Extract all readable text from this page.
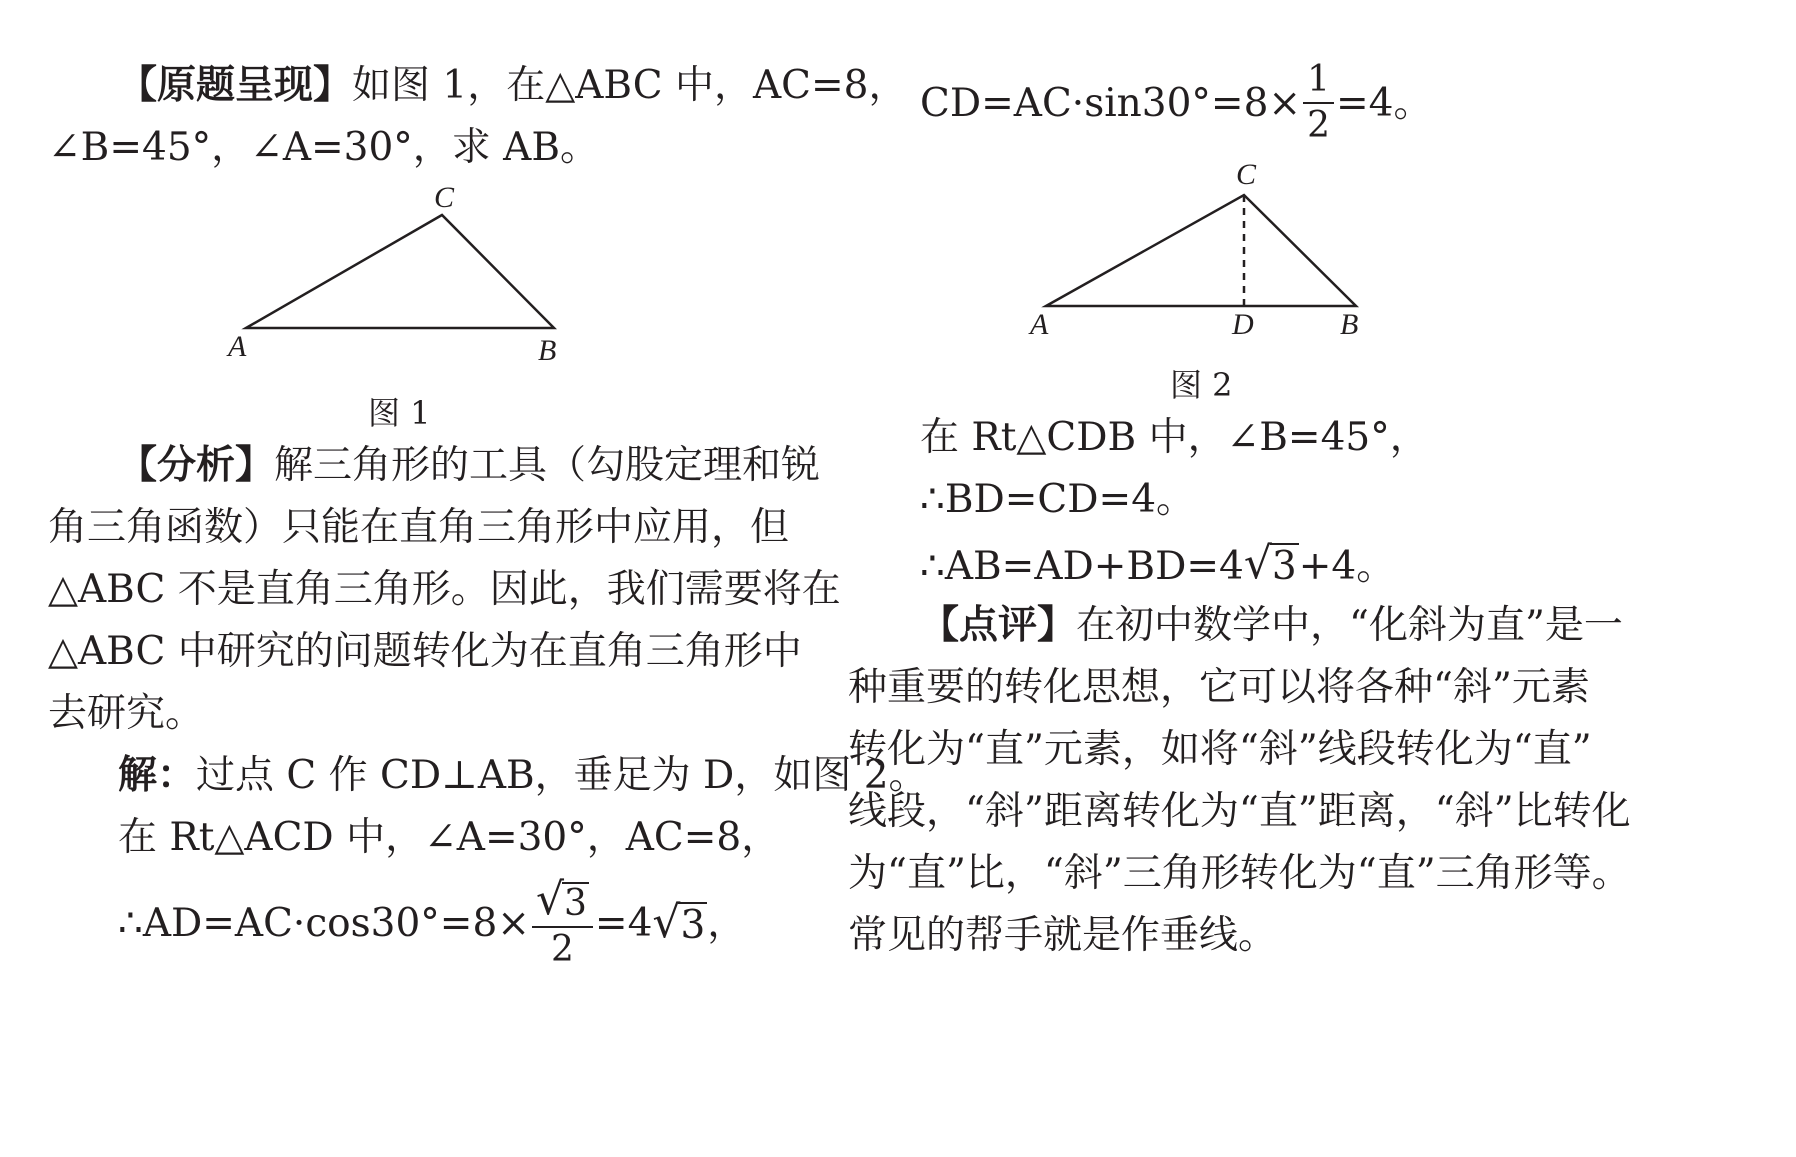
【原题呈现】如图 1，在△ABC 中，AC=8，
∠B=45°，∠A=30°，求 AB。
C
A	B
图 1
【分析】解三角形的工具（勾股定理和锐
角三角函数）只能在直角三角形中应用，但
△ABC 不是直角三角形。因此，我们需要将在
△ABC 中研究的问题转化为在直角三角形中
去研究。
解：过点 C 作 CD⊥AB，垂足为 D，如图 2。
在 Rt△ACD 中，∠A=30°，AC=8，
∴AD=AC·cos30°=8× $\frac{√ 3}{2} =4$ √ 3 ，
$CD=AC\cdot\sin 30^\circ=8\times \frac{1}{2} =4$。
C
A	D	B
图 2
在 Rt△CDB 中，∠B=45°，
∴BD=CD=4。
∴AB=AD+BD=4 √ 3 +4。
【点评】在初中数学中，“化斜为直”是一
种重要的转化思想，它可以将各种“斜”元素
转化为“直”元素，如将“斜”线段转化为“直”
线段，“斜”距离转化为“直”距离，“斜”比转化
为“直”比，“斜”三角形转化为“直”三角形等。
常见的帮手就是作垂线。
